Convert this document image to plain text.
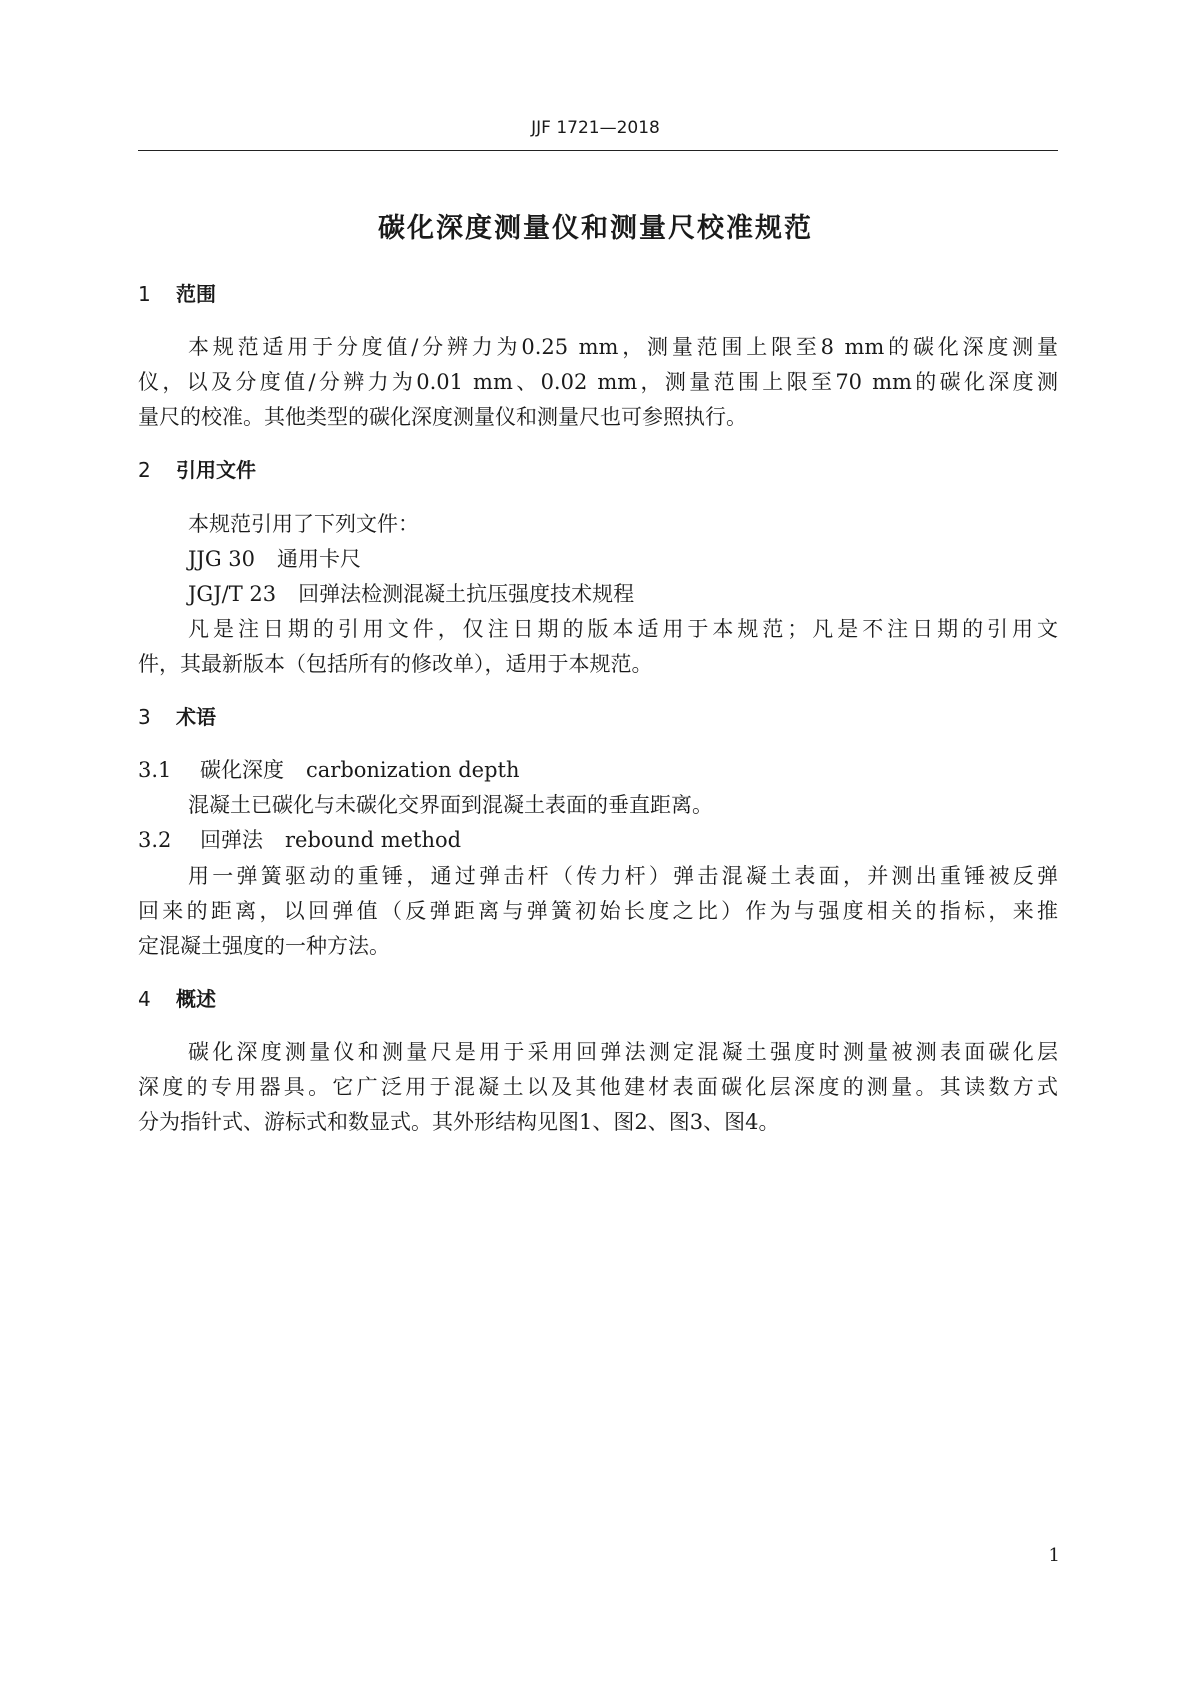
JJF 1721—2018
碳化深度测量仪和测量尺校准规范
1 范围
本规范适用于分度值/分辨力为0.25 mm，测量范围上限至8 mm的碳化深度测量
仪，以及分度值/分辨力为0.01 mm、0.02 mm，测量范围上限至70 mm的碳化深度测
量尺的校准。其他类型的碳化深度测量仪和测量尺也可参照执行。
2 引用文件
本规范引用了下列文件：
JJG 30 通用卡尺
JGJ/T 23 回弹法检测混凝土抗压强度技术规程
凡是注日期的引用文件，仅注日期的版本适用于本规范；凡是不注日期的引用文
件，其最新版本（包括所有的修改单），适用于本规范。
3 术语
3.1 碳化深度 carbonization depth
混凝土已碳化与未碳化交界面到混凝土表面的垂直距离。
3.2 回弹法 rebound method
用一弹簧驱动的重锤，通过弹击杆（传力杆）弹击混凝土表面，并测出重锤被反弹
回来的距离，以回弹值（反弹距离与弹簧初始长度之比）作为与强度相关的指标，来推
定混凝土强度的一种方法。
4 概述
碳化深度测量仪和测量尺是用于采用回弹法测定混凝土强度时测量被测表面碳化层
深度的专用器具。它广泛用于混凝土以及其他建材表面碳化层深度的测量。其读数方式
分为指针式、游标式和数显式。其外形结构见图1、图2、图3、图4。
1
